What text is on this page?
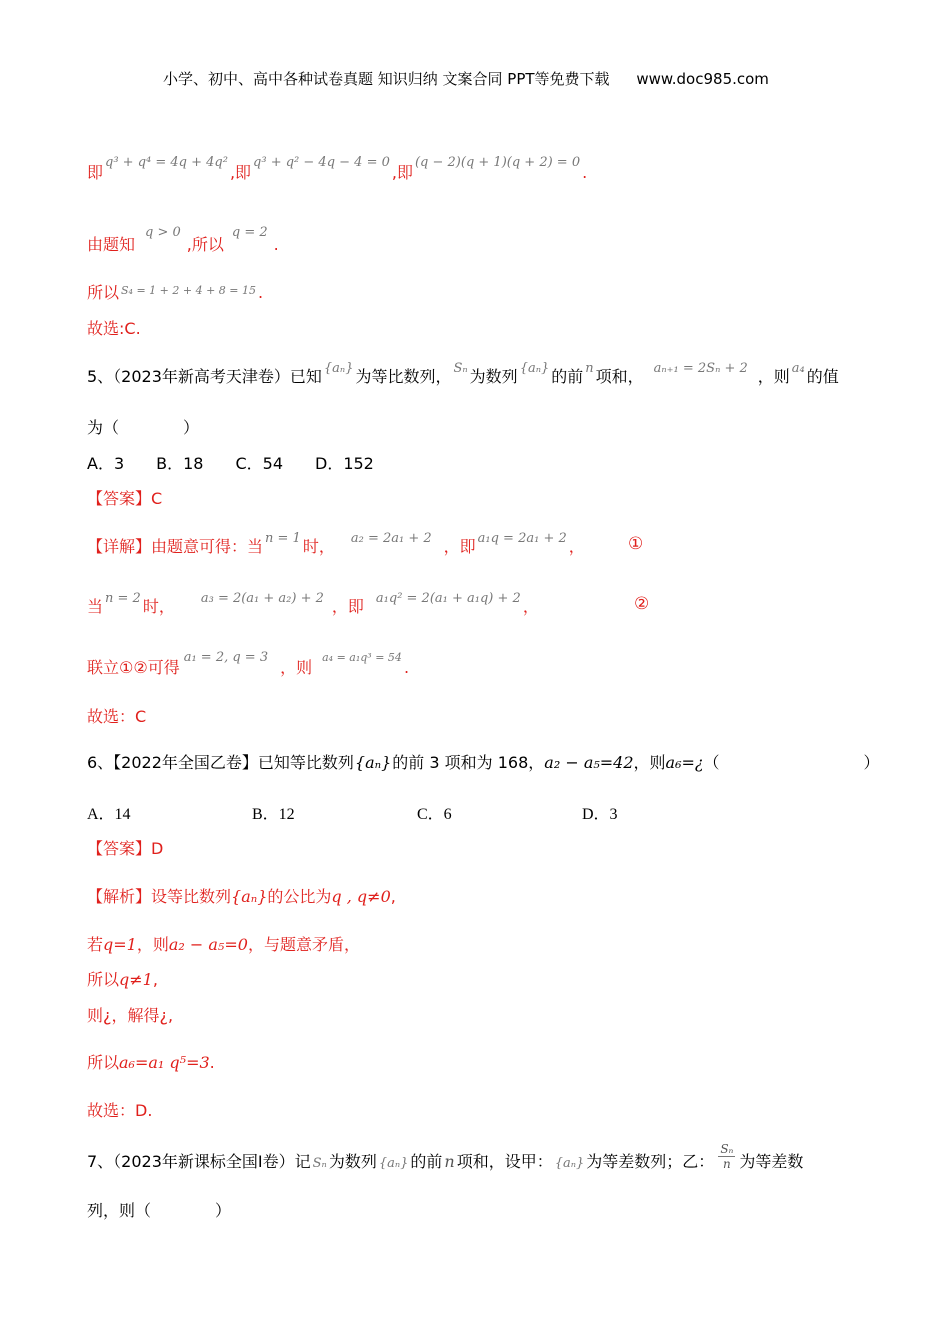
小学、初中、高中各种试卷真题 知识归纳 文案合同 PPT等免费下载 www.doc985.com
即$^{q^3 + q^4 = 4q + 4q^2}$,即$^{q^3 + q^2 - 4q - 4 = 0}$,即$^{(q - 2)(q + 1)(q + 2) = 0}$.
由题知$^{q > 0}$,所以$^{q = 2}$.
所以 $^{S_4 = 1 + 2 + 4 + 8 = 15}$ .
故选:C.
5、（2023年新高考天津卷）已知 $^{\{a_n\}}$ 为等比数列， $^{S_n}$ 为数列 $^{\{a_n\}}$ 的前 $^n$ 项和， $^{a_{n+1} = 2S_n + 2}$ ，则 $^{a_4}$ 的值
为（　　　　）
A．3　　B．18　　C．54　　D．152
【答案】C
【详解】由题意可得：当 $^{n = 1}$ 时， $^{a_2 = 2a_1 + 2}$ ，即 $^{a_1q = 2a_1 + 2}$ ，	①
当 $^{n = 2}$ 时， $^{a_3 = 2(a_1 + a_2) + 2}$ ，即 $^{a_1q^2 = 2(a_1 + a_1q) + 2}$ ，	②
联立①②可得$^{a_1 = 2, q = 3}$，则$^{a_4 = a_1q^3 = 54}$.
故选：C
6、【2022年全国乙卷】已知等比数列{aₙ}的前 3 项和为 168，a₂ − a₅=42，则a₆=¿（　　　　　　　　　）
A．14	B．12	C．6	D．3
【答案】D
【解析】设等比数列{aₙ}的公比为q , q≠0,
若q=1，则a₂ − a₅=0，与题意矛盾，
所以q≠1,
则¿，解得¿,
所以a₆=a₁ q⁵=3.
故选：D.
7、（2023年新课标全国Ⅰ卷）记 Sₙ 为数列 {aₙ} 的前 n 项和，设甲： {aₙ} 为等差数列；乙： $\frac{\text{Sₙ}}{n}$ 为等差数
列，则（　　　　）
